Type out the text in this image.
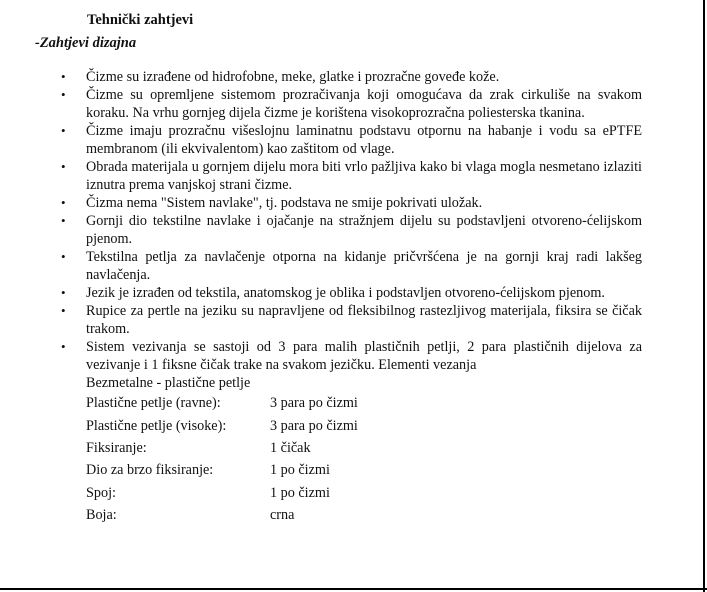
Tehnički zahtjevi
-Zahtjevi dizajna
• Čizme su izrađene od hidrofobne, meke, glatke i prozračne goveđe kože.
• Čizme su opremljene sistemom prozračivanja koji omogućava da zrak cirkuliše na svakom koraku. Na vrhu gornjeg dijela čizme je korištena visokoprozračna poliesterska tkanina.
• Čizme imaju prozračnu višeslojnu laminatnu podstavu otpornu na habanje i vodu sa ePTFE membranom (ili ekvivalentom) kao zaštitom od vlage.
• Obrada materijala u gornjem dijelu mora biti vrlo pažljiva kako bi vlaga mogla nesmetano izlaziti iznutra prema vanjskoj strani čizme.
• Čizma nema "Sistem navlake", tj. podstava ne smije pokrivati uložak.
• Gornji dio tekstilne navlake i ojačanje na stražnjem dijelu su podstavljeni otvoreno-ćelijskom pjenom.
• Tekstilna petlja za navlačenje otporna na kidanje pričvršćena je na gornji kraj radi lakšeg navlačenja.
• Jezik je izrađen od tekstila, anatomskog je oblika i podstavljen otvoreno-ćelijskom pjenom.
• Rupice za pertle na jeziku su napravljene od fleksibilnog rastezljivog materijala, fiksira se čičak trakom.
• Sistem vezivanja se sastoji od 3 para malih plastičnih petlji, 2 para plastičnih dijelova za vezivanje i 1 fiksne čičak trake na svakom jezičku. Elementi vezanja
Bezmetalne - plastične petlje
Plastične petlje (ravne):	3 para po čizmi
Plastične petlje (visoke):	3 para po čizmi
Fiksiranje:	1 čičak
Dio za brzo fiksiranje:	1 po čizmi
Spoj:	1 po čizmi
Boja:	crna
